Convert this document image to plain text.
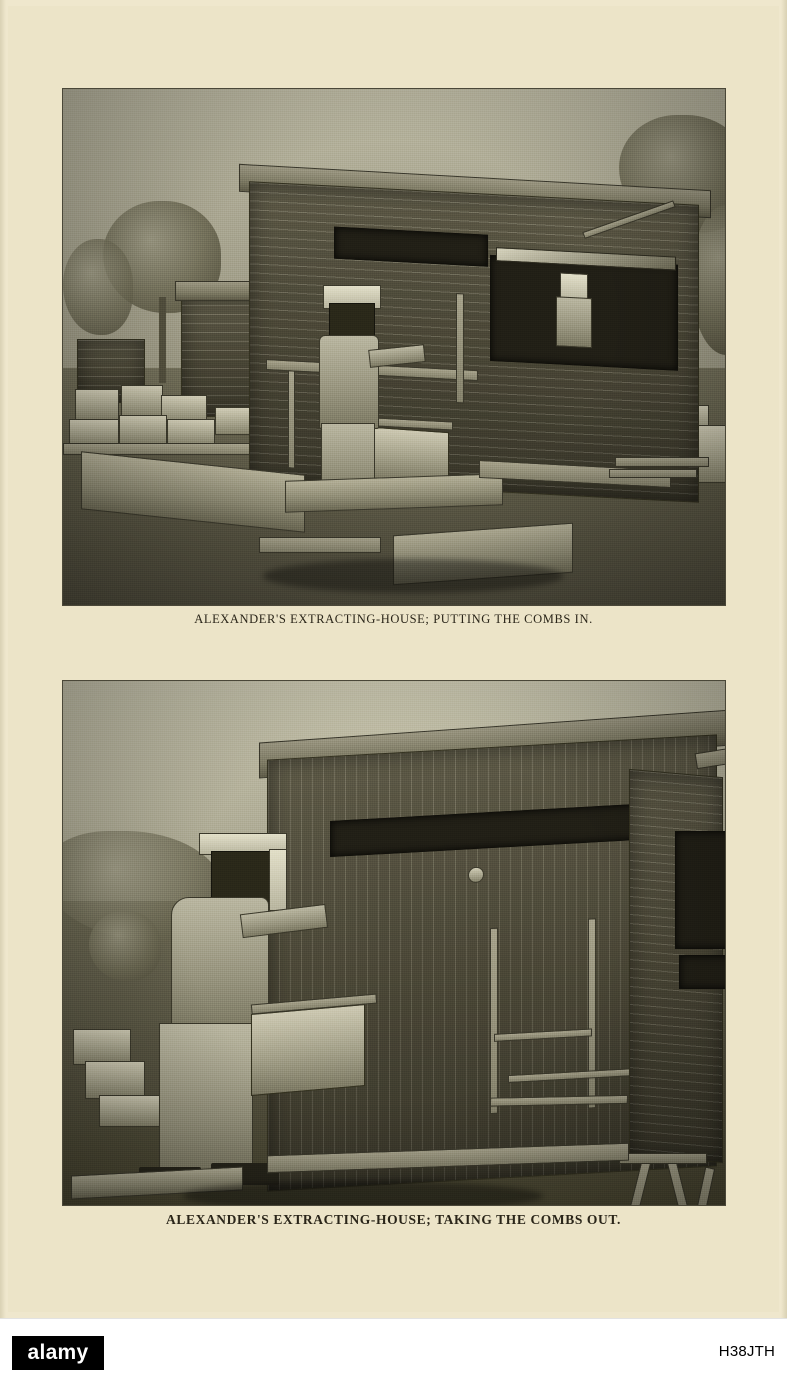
ALEXANDER'S EXTRACTING-HOUSE; PUTTING THE COMBS IN.
ALEXANDER'S EXTRACTING-HOUSE; TAKING THE COMBS OUT.
alamy	H38JTH
